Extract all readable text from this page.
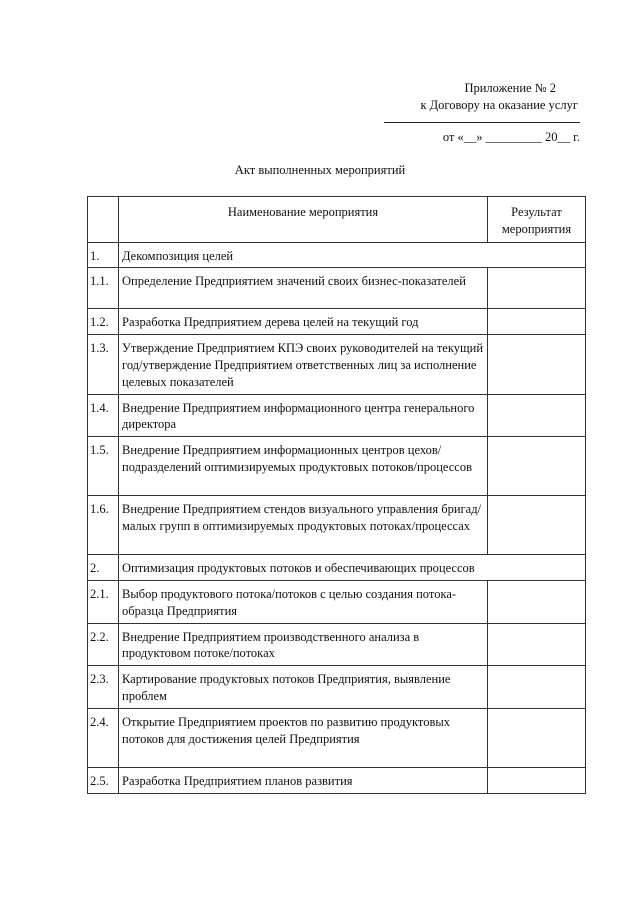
Приложение № 2
к Договору на оказание услуг
от «__» _________ 20__ г.
Акт выполненных мероприятий
	Наименование мероприятия	Результат мероприятия
1.	Декомпозиция целей	
1.1.	Определение Предприятием значений своих бизнес-показателей	
1.2.	Разработка Предприятием дерева целей на текущий год	
1.3.	Утверждение Предприятием КПЭ своих руководителей на текущий год/утверждение Предприятием ответственных лиц за исполнение целевых показателей	
1.4.	Внедрение Предприятием информационного центра генерального директора	
1.5.	Внедрение Предприятием информационных центров цехов/подразделений оптимизируемых продуктовых потоков/процессов	
1.6.	Внедрение Предприятием стендов визуального управления бригад/малых групп в оптимизируемых продуктовых потоках/процессах	
2.	Оптимизация продуктовых потоков и обеспечивающих процессов	
2.1.	Выбор продуктового потока/потоков с целью создания потока-образца Предприятия	
2.2.	Внедрение Предприятием производственного анализа в продуктовом потоке/потоках	
2.3.	Картирование продуктовых потоков Предприятия, выявление проблем	
2.4.	Открытие Предприятием проектов по развитию продуктовых потоков для достижения целей Предприятия	
2.5.	Разработка Предприятием планов развития	
